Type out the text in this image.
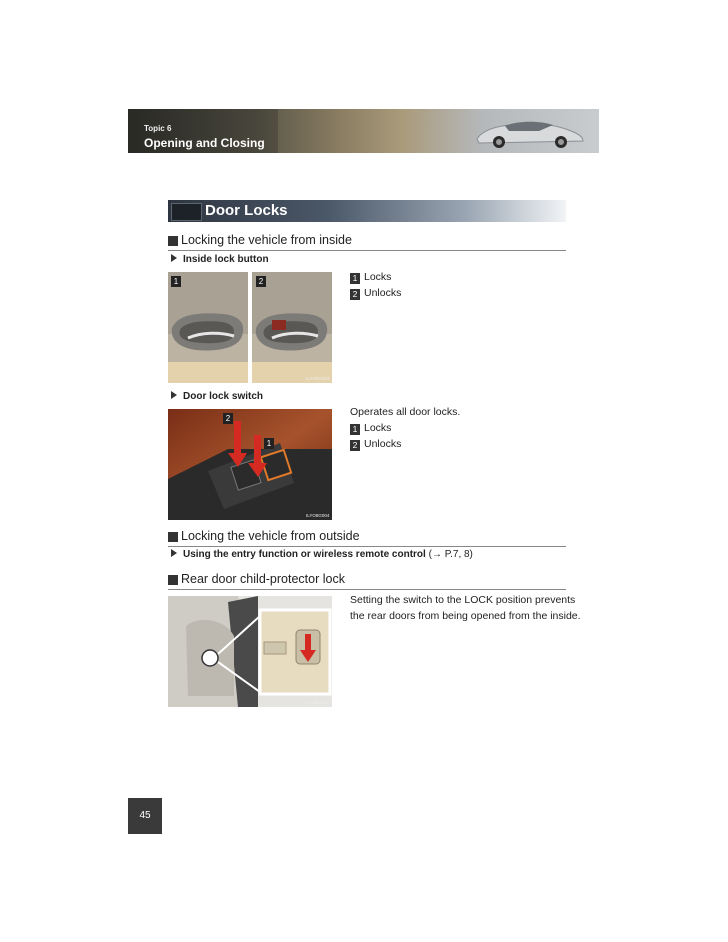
Topic 6
Opening and Closing
Door Locks
Locking the vehicle from inside
Inside lock button
1	2
ILYO8G003
1 Locks
2 Unlocks
Door lock switch
2
1
ILYO8G004
Operates all door locks.
1 Locks
2 Unlocks
Locking the vehicle from outside
Using the entry function or wireless remote control (→ P.7, 8)
Rear door child-protector lock
ILYO8A006
Setting the switch to the LOCK position prevents
the rear doors from being opened from the inside.
45
